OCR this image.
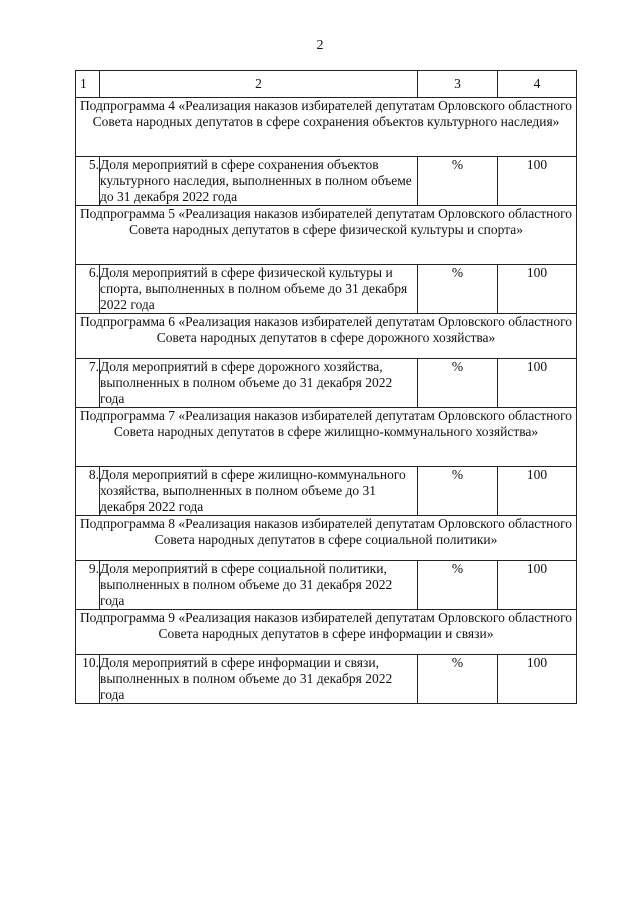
2
1	2	3	4
Подпрограмма 4 «Реализация наказов избирателей депутатам Орловского областного Совета народных депутатов в сфере сохранения объектов культурного наследия»			
5.	Доля мероприятий в сфере сохранения объектов культурного наследия, выполненных в полном объеме до 31 декабря 2022 года	%	100
Подпрограмма 5 «Реализация наказов избирателей депутатам Орловского областного Совета народных депутатов в сфере физической культуры и спорта»			
6.	Доля мероприятий в сфере физической культуры и спорта, выполненных в полном объеме до 31 декабря 2022 года	%	100
Подпрограмма 6 «Реализация наказов избирателей депутатам Орловского областного Совета народных депутатов в сфере дорожного хозяйства»			
7.	Доля мероприятий в сфере дорожного хозяйства, выполненных в полном объеме до 31 декабря 2022 года	%	100
Подпрограмма 7 «Реализация наказов избирателей депутатам Орловского областного Совета народных депутатов в сфере жилищно-коммунального хозяйства»			
8.	Доля мероприятий в сфере жилищно-коммунального хозяйства, выполненных в полном объеме до 31 декабря 2022 года	%	100
Подпрограмма 8 «Реализация наказов избирателей депутатам Орловского областного Совета народных депутатов в сфере социальной политики»			
9.	Доля мероприятий в сфере социальной политики, выполненных в полном объеме до 31 декабря 2022 года	%	100
Подпрограмма 9 «Реализация наказов избирателей депутатам Орловского областного Совета народных депутатов в сфере информации и связи»			
10.	Доля мероприятий в сфере информации и связи, выполненных в полном объеме до 31 декабря 2022 года	%	100
